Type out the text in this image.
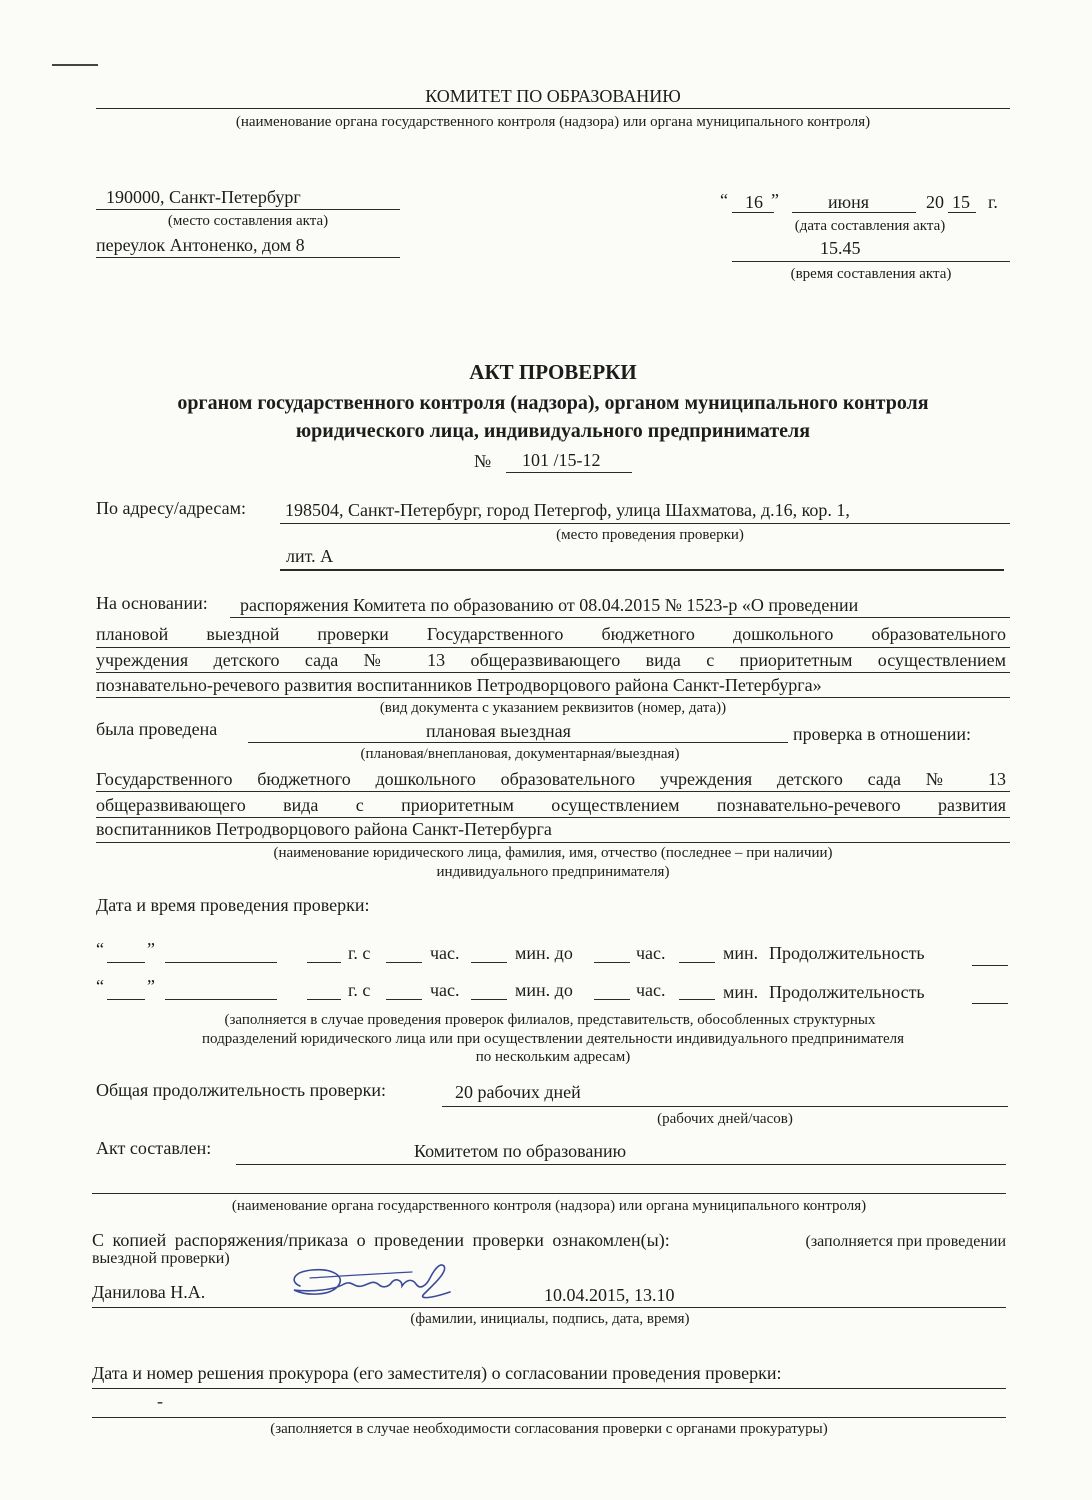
КОМИТЕТ ПО ОБРАЗОВАНИЮ
(наименование органа государственного контроля (надзора) или органа муниципального контроля)
190000, Санкт-Петербург
(место составления акта)
переулок Антоненко, дом 8
“ 16 ”	июня	20 15 г.
(дата составления акта)
15.45
(время составления акта)
АКТ ПРОВЕРКИ
органом государственного контроля (надзора), органом муниципального контроля
юридического лица, индивидуального предпринимателя
№ 101 /15-12
По адресу/адресам: 198504, Санкт-Петербург, город Петергоф, улица Шахматова, д.16, кор. 1,
(место проведения проверки)
лит. А
На основании: распоряжения Комитета по образованию от 08.04.2015 № 1523-р «О проведении
плановой выездной проверки Государственного бюджетного дошкольного образовательного
учреждения детского сада № 13 общеразвивающего вида с приоритетным осуществлением
познавательно-речевого развития воспитанников Петродворцового района Санкт-Петербурга»
(вид документа с указанием реквизитов (номер, дата))
была проведена	плановая выездная	проверка в отношении:
(плановая/внеплановая, документарная/выездная)
Государственного бюджетного дошкольного образовательного учреждения детского сада № 13
общеразвивающего вида с приоритетным осуществлением познавательно-речевого развития
воспитанников Петродворцового района Санкт-Петербурга
(наименование юридического лица, фамилия, имя, отчество (последнее – при наличии)
индивидуального предпринимателя)
Дата и время проведения проверки:
“ ”	г. с	час.	мин. до	час.	мин. Продолжительность
“ ”	г. с	час.	мин. до	час.	мин. Продолжительность
(заполняется в случае проведения проверок филиалов, представительств, обособленных структурных
подразделений юридического лица или при осуществлении деятельности индивидуального предпринимателя
по нескольким адресам)
Общая продолжительность проверки:	20 рабочих дней
(рабочих дней/часов)
Акт составлен:	Комитетом по образованию
(наименование органа государственного контроля (надзора) или органа муниципального контроля)
С копией распоряжения/приказа о проведении проверки ознакомлен(ы):	(заполняется при проведении
выездной проверки)
Данилова Н.А.	10.04.2015, 13.10
(фамилии, инициалы, подпись, дата, время)
Дата и номер решения прокурора (его заместителя) о согласовании проведения проверки:
-
(заполняется в случае необходимости согласования проверки с органами прокуратуры)
